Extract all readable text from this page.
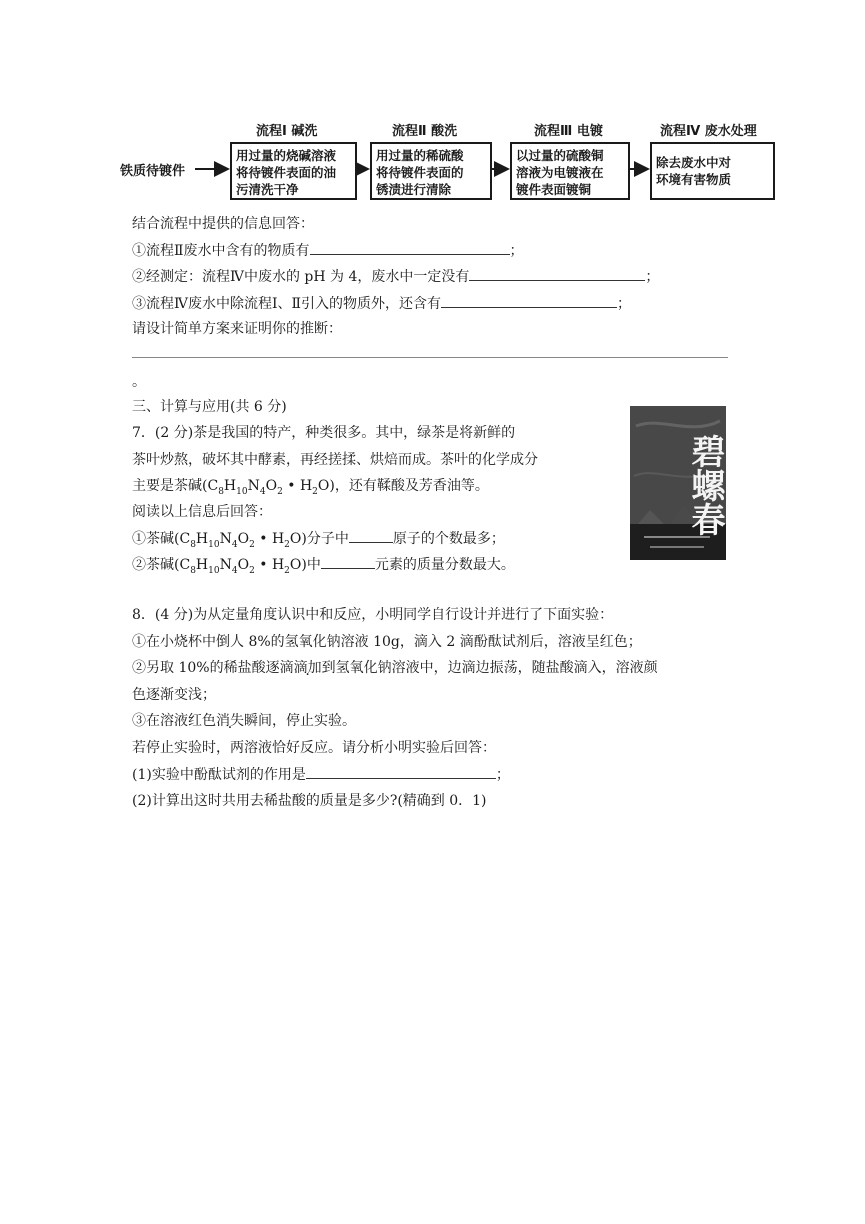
流程Ⅰ 碱洗	流程Ⅱ 酸洗	流程Ⅲ 电镀	流程Ⅳ 废水处理
铁质待镀件
用过量的烧碱溶液
将待镀件表面的油
污清洗干净
用过量的稀硫酸
将待镀件表面的
锈渍进行清除
以过量的硫酸铜
溶液为电镀液在
镀件表面镀铜
除去废水中对
环境有害物质
结合流程中提供的信息回答：
①流程Ⅱ废水中含有的物质有	；
②经测定：流程Ⅳ中废水的 pH 为 4，废水中一定没有	；
③流程Ⅳ废水中除流程Ⅰ、Ⅱ引入的物质外，还含有	；
请设计简单方案来证明你的推断：
。
三、计算与应用(共 6 分)
7．(2 分)茶是我国的特产，种类很多。其中，绿茶是将新鲜的
茶叶炒熬，破坏其中酵素，再经搓揉、烘焙而成。茶叶的化学成分
主要是茶碱($C_8H_{10}N_4O_2$ • $H_2O$)，还有鞣酸及芳香油等。
阅读以上信息后回答：
①茶碱($C_8H_{10}N_4O_2$ • $H_2O$)分子中	原子的个数最多；
②茶碱($C_8H_{10}N_4O_2$ • $H_2O$)中	元素的质量分数最大。
碧螺春
8．(4 分)为从定量角度认识中和反应，小明同学自行设计并进行了下面实验：
①在小烧杯中倒人 8%的氢氧化钠溶液 10g，滴入 2 滴酚酞试剂后，溶液呈红色；
②另取 10%的稀盐酸逐滴滴加到氢氧化钠溶液中，边滴边振荡，随盐酸滴入，溶液颜
色逐渐变浅；
③在溶液红色消失瞬间，停止实验。
若停止实验时，两溶液恰好反应。请分析小明实验后回答：
(1)实验中酚酞试剂的作用是	；
(2)计算出这时共用去稀盐酸的质量是多少?(精确到 0．1)
